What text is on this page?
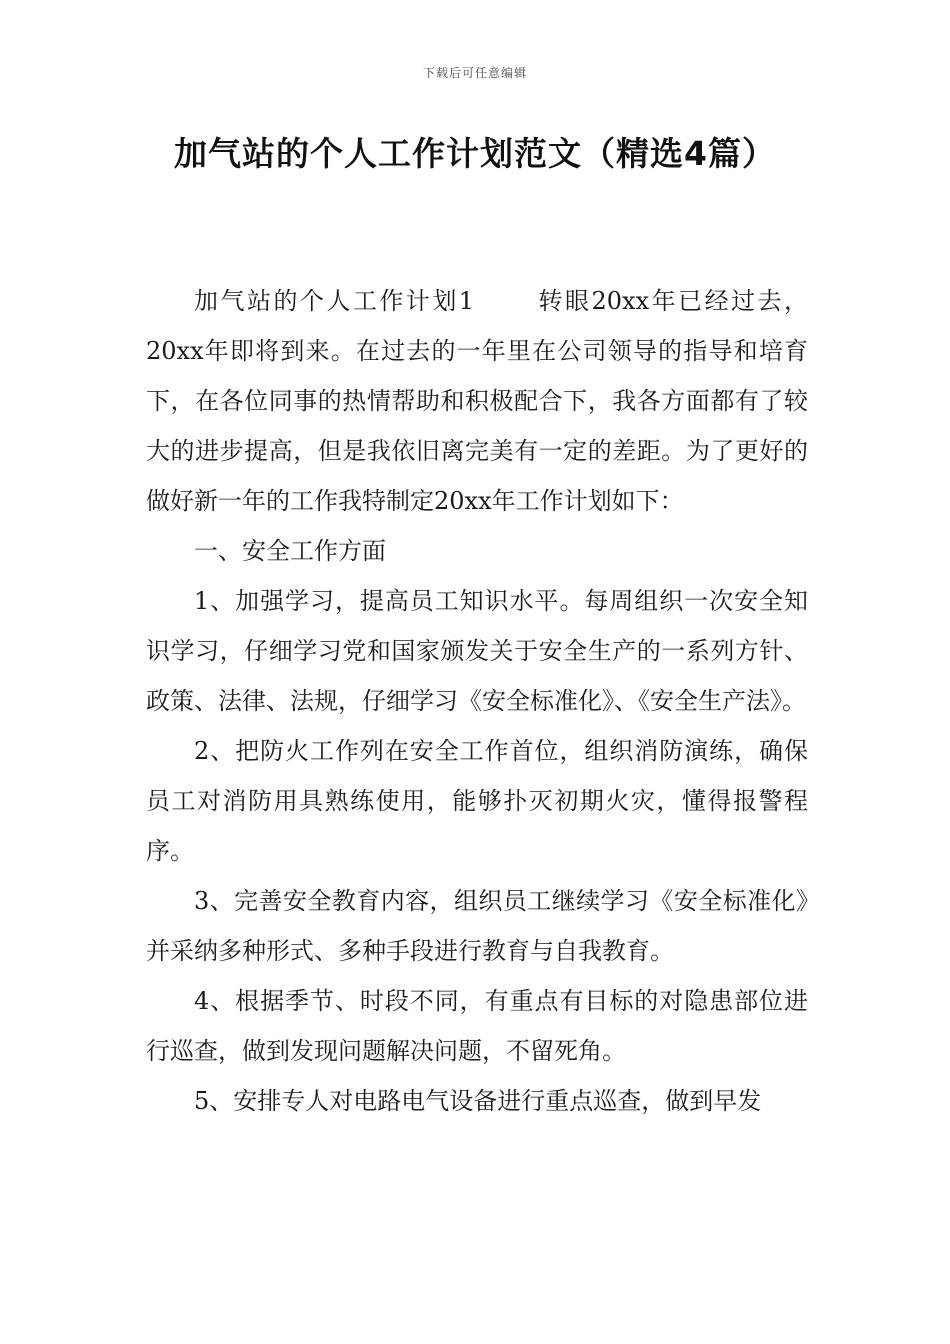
下载后可任意编辑
加气站的个人工作计划范文（精选4篇）

加气站的个人工作计划1	转眼20xx年已经过去，20xx年即将到来。在过去的一年里在公司领导的指导和培育下，在各位同事的热情帮助和积极配合下，我各方面都有了较大的进步提高，但是我依旧离完美有一定的差距。为了更好的做好新一年的工作我特制定20xx年工作计划如下：

一、安全工作方面

1、加强学习，提高员工知识水平。每周组织一次安全知识学习，仔细学习党和国家颁发关于安全生产的一系列方针、政策、法律、法规，仔细学习《安全标准化》、《安全生产法》。

2、把防火工作列在安全工作首位，组织消防演练，确保员工对消防用具熟练使用，能够扑灭初期火灾，懂得报警程序。

3、完善安全教育内容，组织员工继续学习《安全标准化》并采纳多种形式、多种手段进行教育与自我教育。

4、根据季节、时段不同，有重点有目标的对隐患部位进行巡查，做到发现问题解决问题，不留死角。

5、安排专人对电路电气设备进行重点巡查，做到早发
